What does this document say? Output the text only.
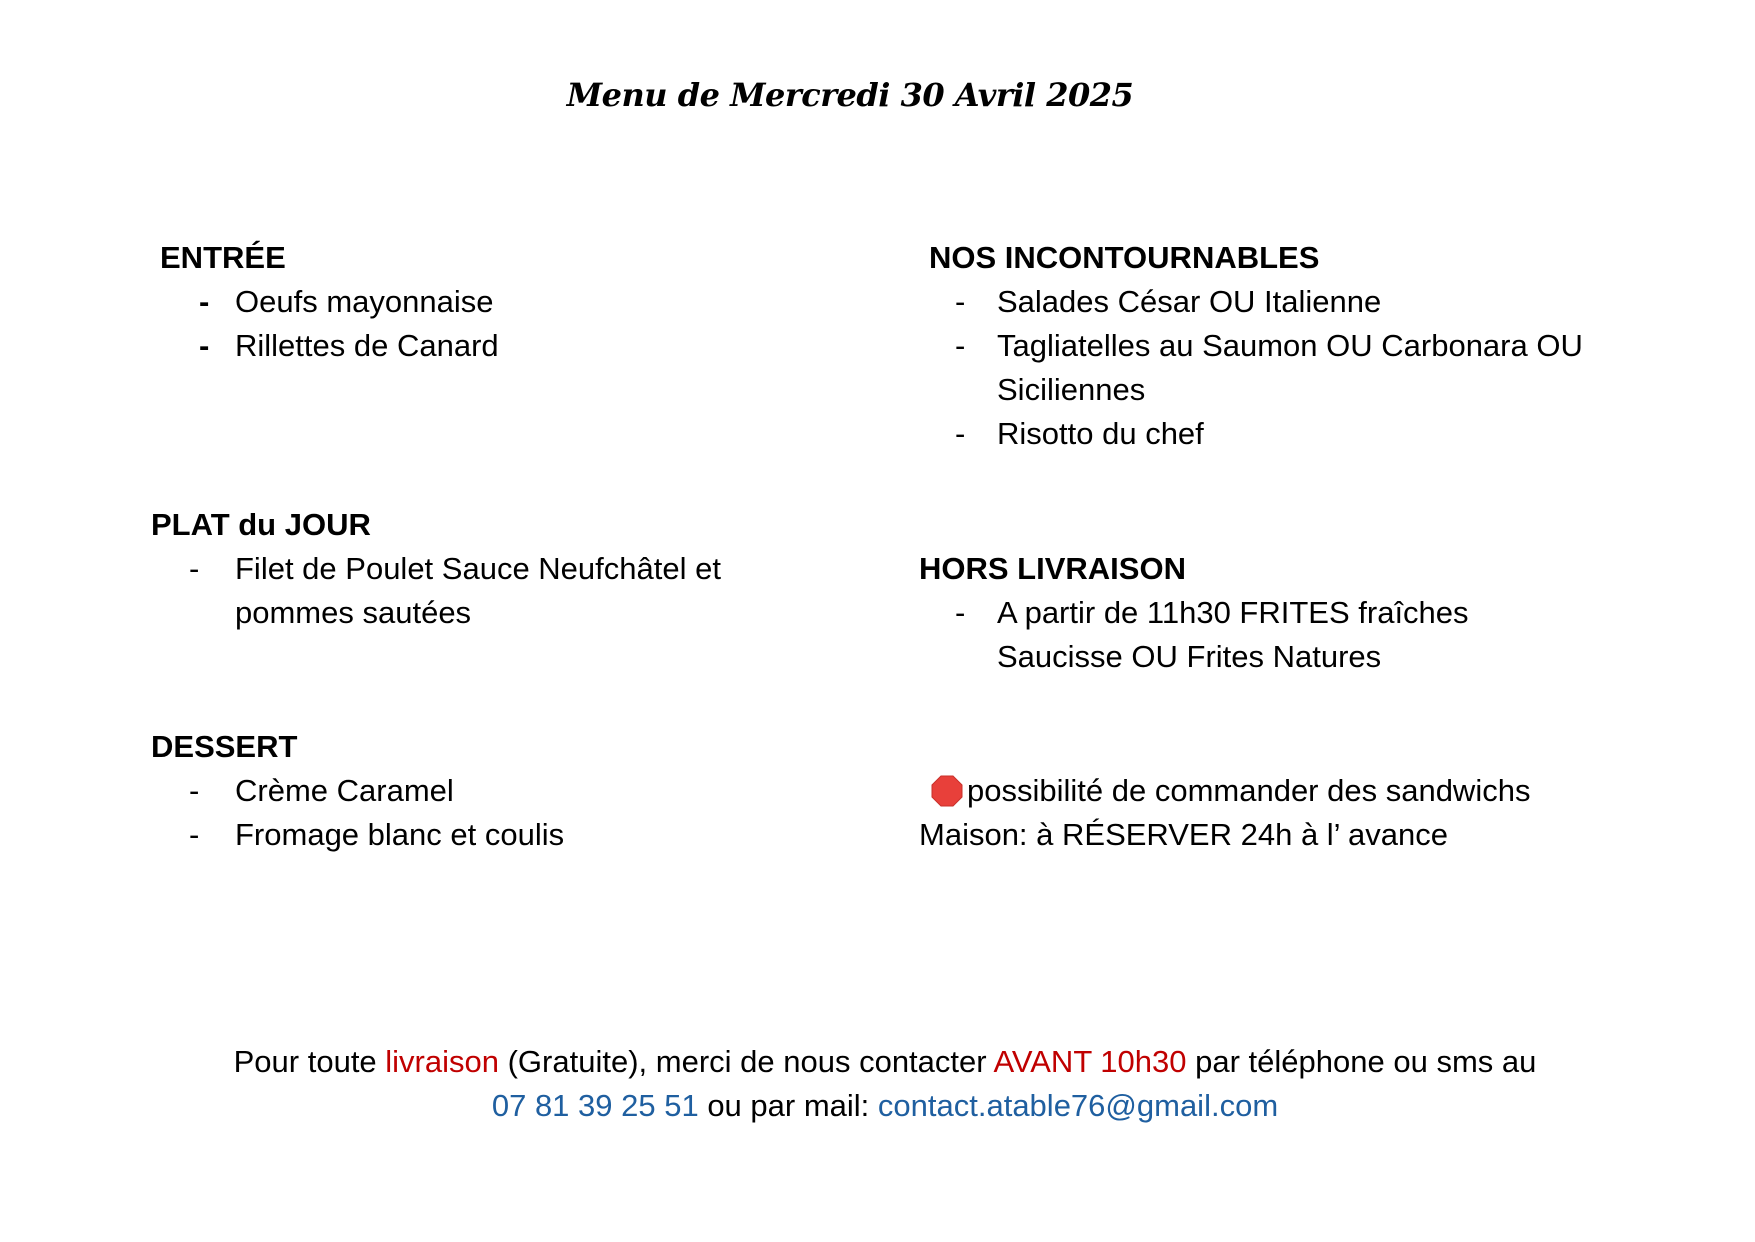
Menu de Mercredi 30 Avril 2025
ENTRÉE
- Oeufs mayonnaise
- Rillettes de Canard
PLAT du JOUR
- Filet de Poulet Sauce Neufchâtel et pommes sautées
DESSERT
- Crème Caramel
- Fromage blanc et coulis
NOS INCONTOURNABLES
- Salades César OU Italienne
- Tagliatelles au Saumon OU Carbonara OU Siciliennes
- Risotto du chef
HORS LIVRAISON
- A partir de 11h30 FRITES fraîches Saucisse OU Frites Natures
possibilité de commander des sandwichs
Maison: à RÉSERVER 24h à l’ avance
Pour toute livraison (Gratuite), merci de nous contacter AVANT 10h30 par téléphone ou sms au
07 81 39 25 51 ou par mail: contact.atable76@gmail.com
